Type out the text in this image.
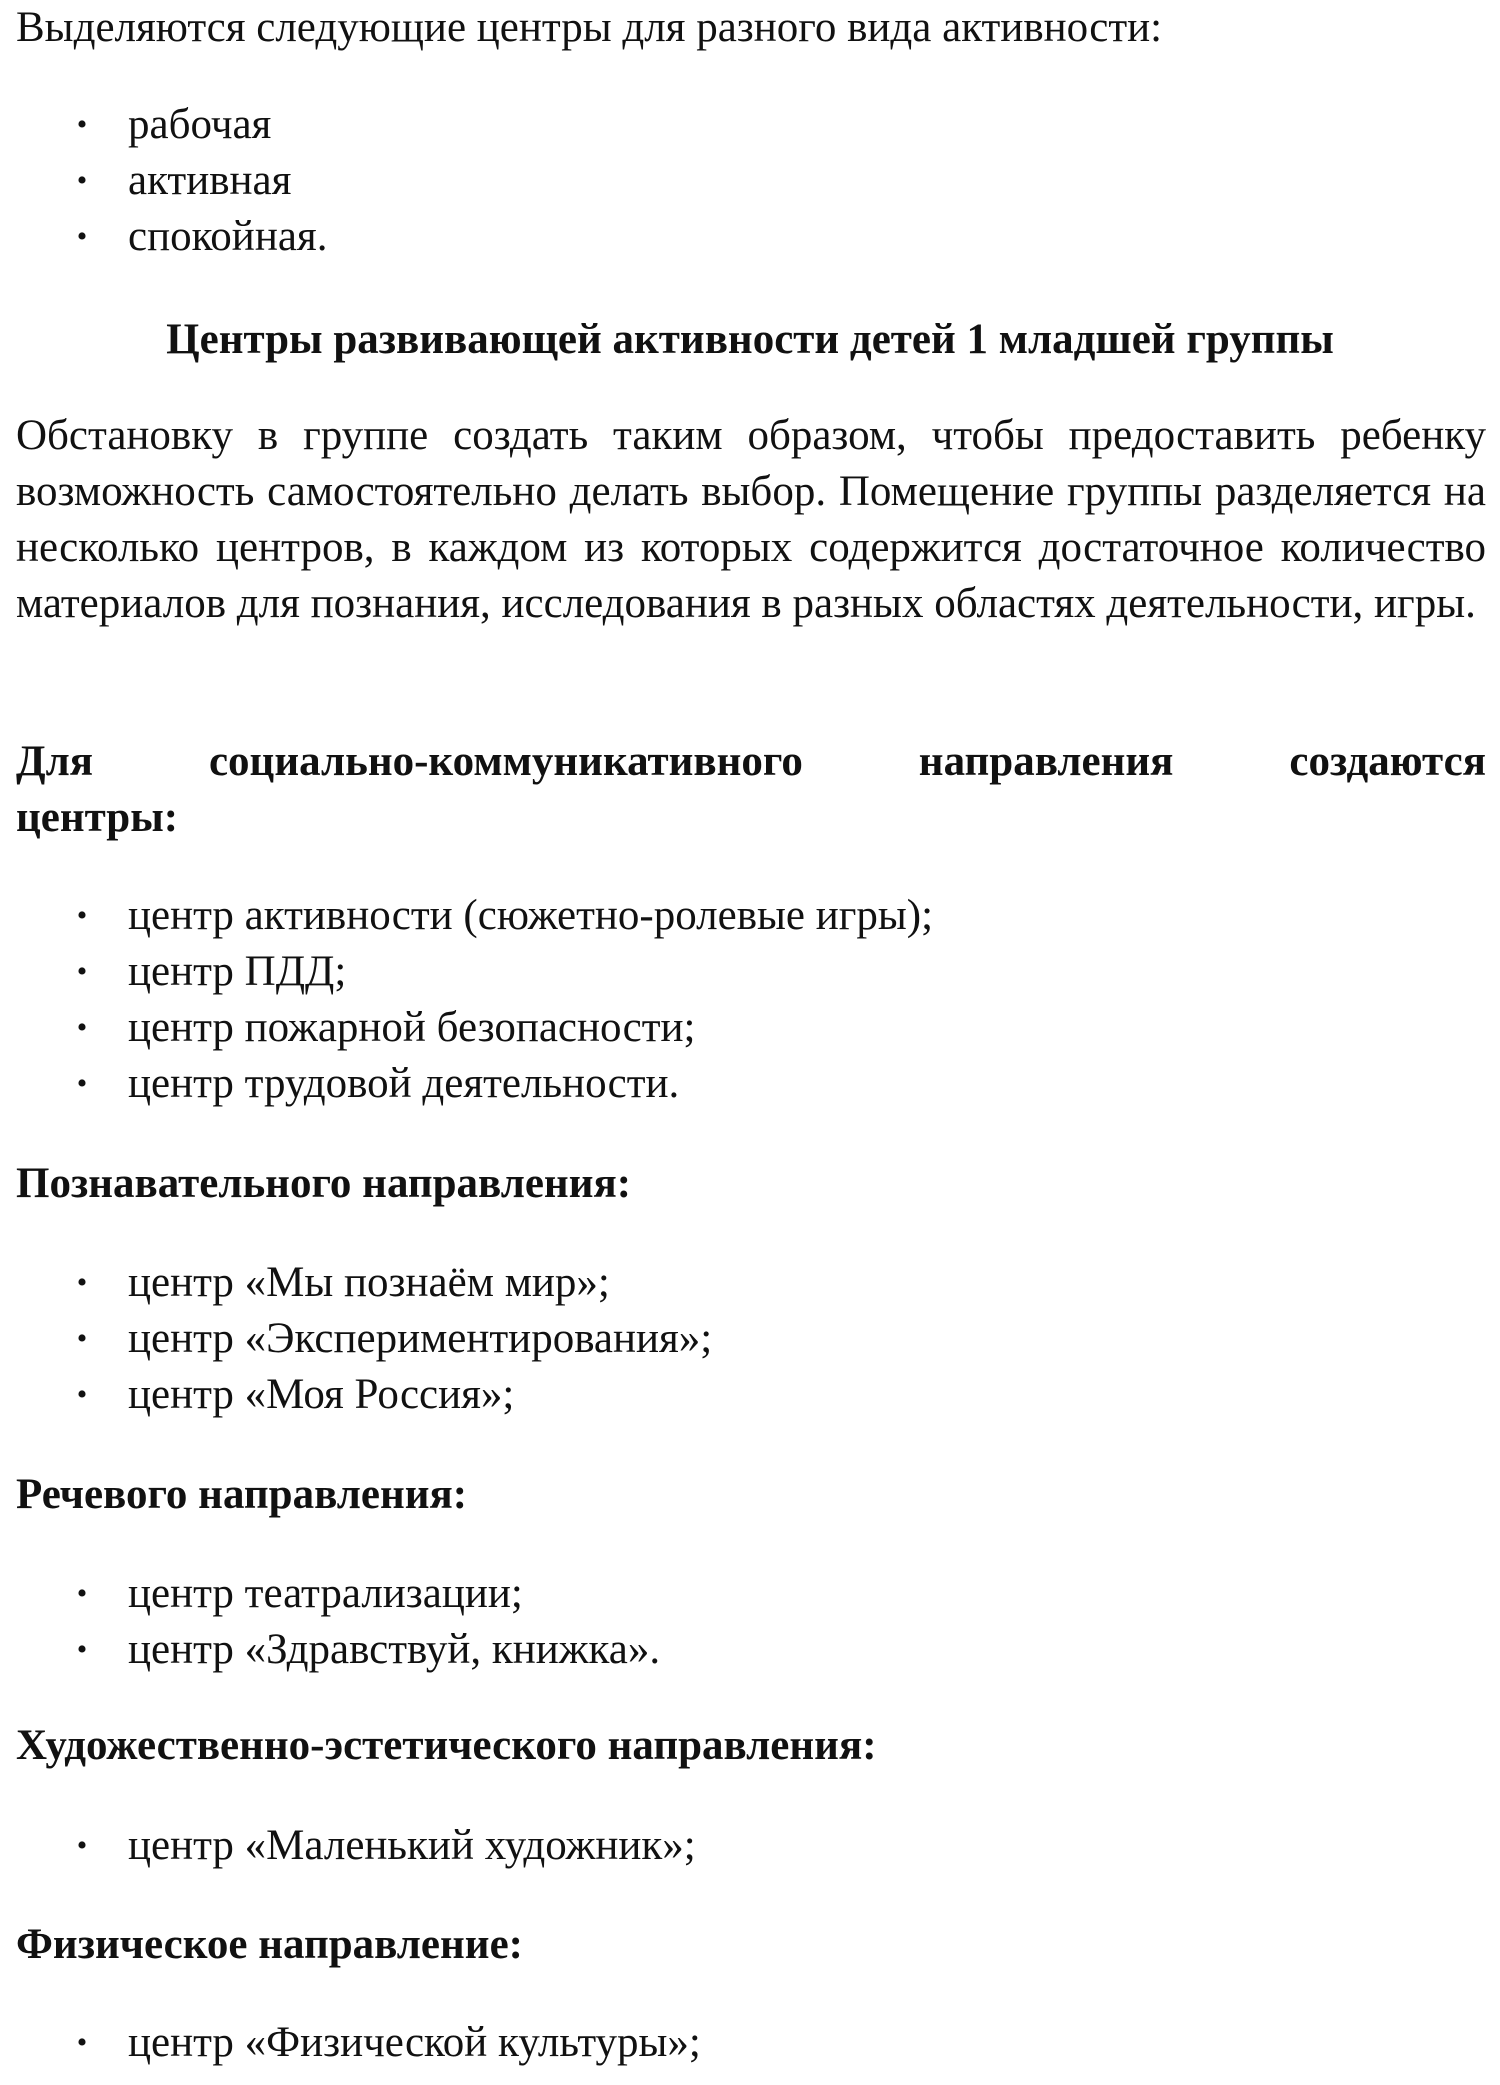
Выделяются следующие центры для разного вида активности:

• рабочая
• активная
• спокойная.

Центры развивающей активности детей 1 младшей группы

Обстановку в группе создать таким образом, чтобы предоставить ребенку возможность самостоятельно делать выбор. Помещение группы разделяется на несколько центров, в каждом из которых содержится достаточное количество материалов для познания, исследования в разных областях деятельности, игры.

Для социально-коммуникативного направления создаются

центры:

• центр активности (сюжетно-ролевые игры);
• центр ПДД;
• центр пожарной безопасности;
• центр трудовой деятельности.

Познавательного направления:

• центр «Мы познаём мир»;
• центр «Экспериментирования»;
• центр «Моя Россия»;

Речевого направления:

• центр театрализации;
• центр «Здравствуй, книжка».

Художественно-эстетического направления:

• центр «Маленький художник»;

Физическое направление:

• центр «Физической культуры»;
